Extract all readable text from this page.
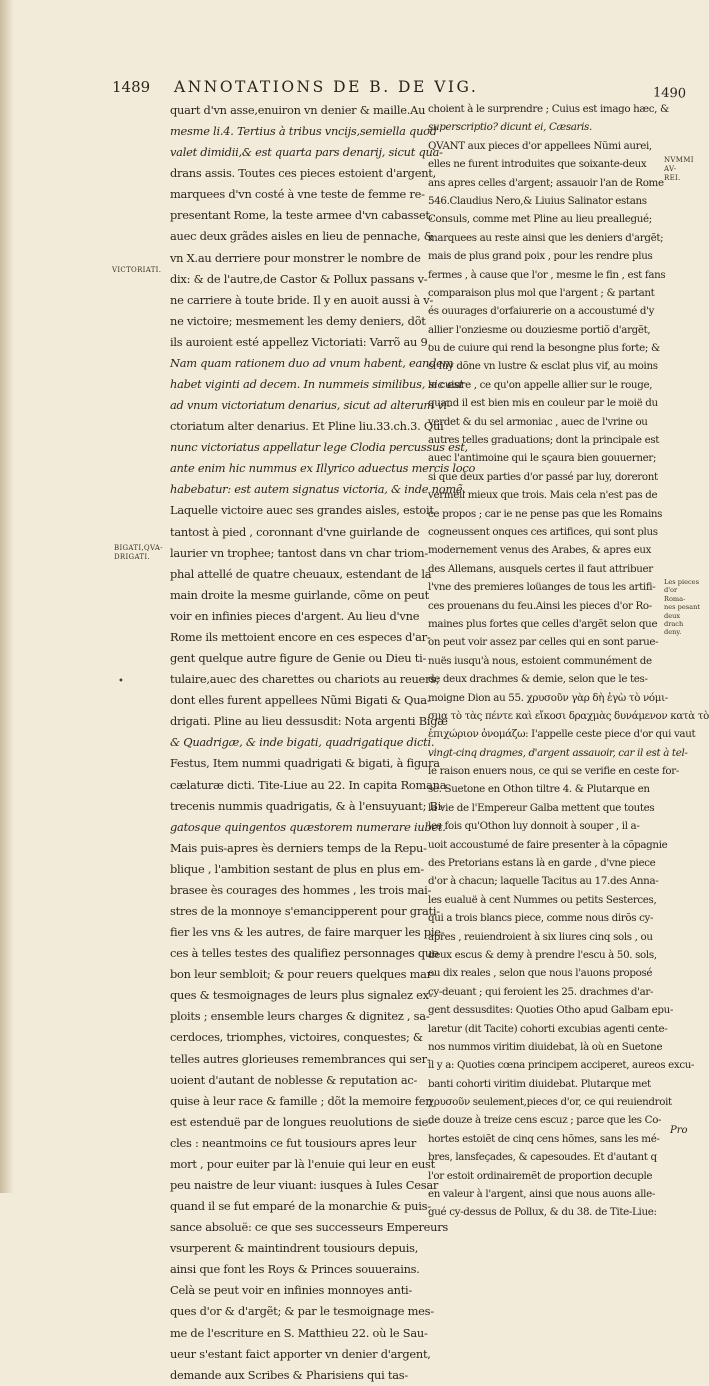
1489 ANNOTATIONS DE B. DE VIG.	1490
quart d'vn asse,enuiron vn denier & maille.Au
mesme li.4. Tertius à tribus vncijs,semiella quod
valet dimidii,& est quarta pars denarij, sicut qua-
drans assis. Toutes ces pieces estoient d'argent,
marquees d'vn costé à vne teste de femme re-
presentant Rome, la teste armee d'vn cabasset,
auec deux grãdes aisles en lieu de pennache, &
vn X.au derriere pour monstrer le nombre de
dix: & de l'autre,de Castor & Pollux passans v-
ne carriere à toute bride. Il y en auoit aussi à v-
ne victoire; mesmement les demy deniers, dõt
ils auroient esté appellez Victoriati: Varrõ au 9.
Nam quam rationem duo ad vnum habent, eandem
habet viginti ad decem. In nummeis similibus, sic est
ad vnum victoriatum denarius, sicut ad alterum vi-
ctoriatum alter denarius. Et Pline liu.33.ch.3. Qui
nunc victoriatus appellatur lege Clodia percussus est,
ante enim hic nummus ex Illyrico aduectus mercis loco
habebatur: est autem signatus victoria, & inde nomẽ.
Laquelle victoire auec ses grandes aisles, estoit
tantost à pied , coronnant d'vne guirlande de
laurier vn trophee; tantost dans vn char triom-
phal attellé de quatre cheuaux, estendant de la
main droite la mesme guirlande, cõme on peut
voir en infinies pieces d'argent. Au lieu d'vne
Rome ils mettoient encore en ces especes d'ar-
gent quelque autre figure de Genie ou Dieu ti-
tulaire,auec des charettes ou chariots au reuers;
dont elles furent appellees Nũmi Bigati & Qua-
drigati. Pline au lieu dessusdit: Nota argenti Bigæ
& Quadrigæ, & inde bigati, quadrigatique dicti.
Festus, Item nummi quadrigati & bigati, à figura
cælaturæ dicti. Tite-Liue au 22. In capita Romana
trecenis nummis quadrigatis, & à l'ensuyuant; Bi-
gatosque quingentos quæstorem numerare iubet.
Mais puis-apres ès derniers temps de la Repu-
blique , l'ambition sestant de plus en plus em-
brasee ès courages des hommes , les trois mai-
stres de la monnoye s'emancipperent pour grati-
fier les vns & les autres, de faire marquer les pie-
ces à telles testes des qualifiez personnages que
bon leur sembloit; & pour reuers quelques mar-
ques & tesmoignages de leurs plus signalez ex-
ploits ; ensemble leurs charges & dignitez , sa-
cerdoces, triomphes, victoires, conquestes; &
telles autres glorieuses remembrances qui ser-
uoient d'autant de noblesse & reputation ac-
quise à leur race & famille ; dõt la memoire fen
est estenduë par de longues reuolutions de sie-
cles : neantmoins ce fut tousiours apres leur
mort , pour euiter par là l'enuie qui leur en eust
peu naistre de leur viuant: iusques à Iules Cesar
quand il se fut emparé de la monarchie & puis-
sance absoluë: ce que ses successeurs Empereurs
vsurperent & maintindrent tousiours depuis,
ainsi que font les Roys & Princes souuerains.
Celà se peut voir en infinies monnoyes anti-
ques d'or & d'argẽt; & par le tesmoignage mes-
me de l'escriture en S. Matthieu 22. où le Sau-
ueur s'estant faict apporter vn denier d'argent,
demande aux Scribes & Pharisiens qui tas-
choient à le surprendre ; Cuius est imago hæc, &
superscriptio? dicunt ei, Cæsaris.
QVANT aux pieces d'or appellees Nũmi aurei,
elles ne furent introduites que soixante-deux
ans apres celles d'argent; assauoir l'an de Rome
546.Claudius Nero,& Liuius Salinator estans
Consuls, comme met Pline au lieu preallegué;
marquees au reste ainsi que les deniers d'argẽt;
mais de plus grand poix , pour les rendre plus
fermes , à cause que l'or , mesme le fin , est fans
comparaison plus mol que l'argent ; & partant
és ouurages d'orfaiurerie on a accoustumé d'y
allier l'onziesme ou douziesme portiõ d'argẽt,
ou de cuiure qui rend la besongne plus forte; &
si luy dõne vn lustre & esclat plus vif, au moins
le cuiure , ce qu'on appelle allier sur le rouge,
quand il est bien mis en couleur par le moië du
verdet & du sel armoniac , auec de l'vrine ou
autres telles graduations; dont la principale est
auec l'antimoine qui le sçaura bien gouuerner;
si que deux parties d'or passé par luy, doreront
vermeil mieux que trois. Mais cela n'est pas de
ce propos ; car ie ne pense pas que les Romains
cogneussent onques ces artifices, qui sont plus
modernement venus des Arabes, & apres eux
des Allemans, ausquels certes il faut attribuer
l'vne des premieres loüanges de tous les artifi-
ces prouenans du feu.Ainsi les pieces d'or Ro-
maines plus fortes que celles d'argẽt selon que
on peut voir assez par celles qui en sont parue-
nuës iusqu'à nous, estoient communément de
de deux drachmes & demie, selon que le tes-
moigne Dion au 55. χρυσοῦν γὰρ δὴ ἐγὼ τὸ νόμι-
σμα τὸ τὰς πέντε καὶ εἴκοσι δραχμὰς δυνάμενον κατὰ τὸ
ἐπιχώριον ὀνομάζω: I'appelle ceste piece d'or qui vaut
vingt-cinq dragmes, d'argent assauoir, car il est à tel-
le raison enuers nous, ce qui se verifie en ceste for-
se. Suetone en Othon tiltre 4. & Plutarque en
la vie de l'Empereur Galba mettent que toutes
les fois qu'Othon luy donnoit à souper , il a-
uoit accoustumé de faire presenter à la cõpagnie
des Pretorians estans là en garde , d'vne piece
d'or à chacun; laquelle Tacitus au 17.des Anna-
les eualuë à cent Nummes ou petits Sesterces,
qui a trois blancs piece, comme nous dirõs cy-
apres , reuiendroient à six liures cinq sols , ou
deux escus & demy à prendre l'escu à 50. sols,
ou dix reales , selon que nous l'auons proposé
cy-deuant ; qui feroient les 25. drachmes d'ar-
gent dessusdites: Quoties Otho apud Galbam epu-
laretur (dit Tacite) cohorti excubias agenti cente-
nos nummos viritim diuidebat, là où en Suetone
il y a: Quoties cœna principem acciperet, aureos excu-
banti cohorti viritim diuidebat. Plutarque met
χρυσοῦν seulement,pieces d'or, ce qui reuiendroit
de douze à treize cens escuz ; parce que les Co-
hortes estoiẽt de cinq cens hõmes, sans les mé-
bres, lansfeçades, & capesoudes. Et d'autant q
l'or estoit ordinairemẽt de proportion decuple
en valeur à l'argent, ainsi que nous auons alle-
gué cy-dessus de Pollux, & du 38. de Tite-Liue:
VICTORIATI.
BIGATI,QVA-
DRIGATI.
•
NVMMI AV-
REI.
Les pieces
d'or Roma-
nes pesant
deux drach
deny.
Pro
